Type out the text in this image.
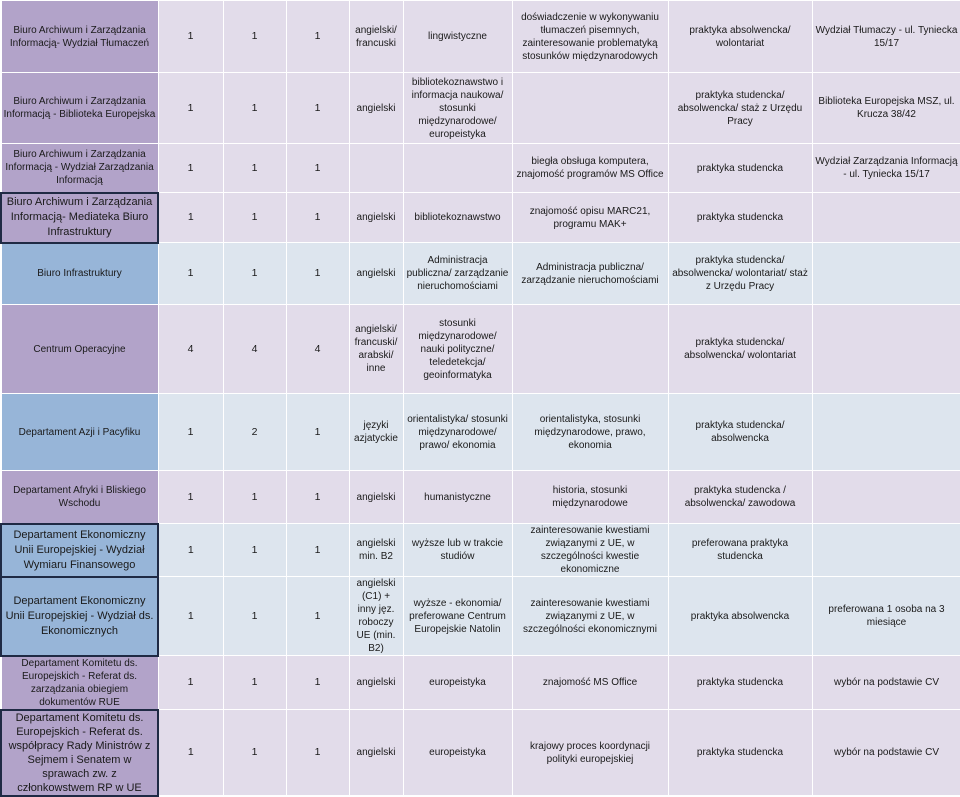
Biuro Archiwum i Zarządzania Informacją- Wydział Tłumaczeń	1	1	1	angielski/ francuski	lingwistyczne	doświadczenie w wykonywaniu tłumaczeń pisemnych, zainteresowanie problematyką stosunków międzynarodowych	praktyka absolwencka/ wolontariat	Wydział Tłumaczy - ul. Tyniecka 15/17
Biuro Archiwum i Zarządzania Informacją - Biblioteka Europejska	1	1	1	angielski	bibliotekoznawstwo i informacja naukowa/ stosunki międzynarodowe/ europeistyka		praktyka studencka/ absolwencka/ staż z Urzędu Pracy	Biblioteka Europejska MSZ, ul. Krucza 38/42
Biuro Archiwum i Zarządzania Informacją - Wydział Zarządzania Informacją	1	1	1			biegła obsługa komputera, znajomość programów MS Office	praktyka studencka	Wydział Zarządzania Informacją - ul. Tyniecka 15/17
Biuro Archiwum i Zarządzania Informacją- Mediateka Biuro Infrastruktury	1	1	1	angielski	bibliotekoznawstwo	znajomość opisu MARC21, programu MAK+	praktyka studencka	
Biuro Infrastruktury	1	1	1	angielski	Administracja publiczna/ zarządzanie nieruchomościami	Administracja publiczna/ zarządzanie nieruchomościami	praktyka studencka/ absolwencka/ wolontariat/ staż z Urzędu Pracy	
Centrum Operacyjne	4	4	4	angielski/ francuski/ arabski/ inne	stosunki międzynarodowe/ nauki polityczne/ teledetekcja/ geoinformatyka		praktyka studencka/ absolwencka/ wolontariat	
Departament Azji i Pacyfiku	1	2	1	języki azjatyckie	orientalistyka/ stosunki międzynarodowe/ prawo/ ekonomia	orientalistyka, stosunki międzynarodowe, prawo, ekonomia	praktyka studencka/ absolwencka	
Departament Afryki i Bliskiego Wschodu	1	1	1	angielski	humanistyczne	historia, stosunki międzynarodowe	praktyka studencka / absolwencka/ zawodowa	
Departament Ekonomiczny Unii Europejskiej - Wydział Wymiaru Finansowego	1	1	1	angielski min. B2	wyższe lub w trakcie studiów	zainteresowanie kwestiami związanymi z UE, w szczególności kwestie ekonomiczne	preferowana praktyka studencka	
Departament Ekonomiczny Unii Europejskiej - Wydział ds. Ekonomicznych	1	1	1	angielski (C1) + inny jęz. roboczy UE (min. B2)	wyższe - ekonomia/ preferowane Centrum Europejskie Natolin	zainteresowanie kwestiami związanymi z UE, w szczególności ekonomicznymi	praktyka absolwencka	preferowana 1 osoba na 3 miesiące
Departament Komitetu ds. Europejskich - Referat ds. zarządzania obiegiem dokumentów RUE	1	1	1	angielski	europeistyka	znajomość MS Office	praktyka studencka	wybór na podstawie CV
Departament Komitetu ds. Europejskich - Referat ds. współpracy Rady Ministrów z Sejmem i Senatem w sprawach zw. z członkowstwem RP w UE	1	1	1	angielski	europeistyka	krajowy proces koordynacji polityki europejskiej	praktyka studencka	wybór na podstawie CV
